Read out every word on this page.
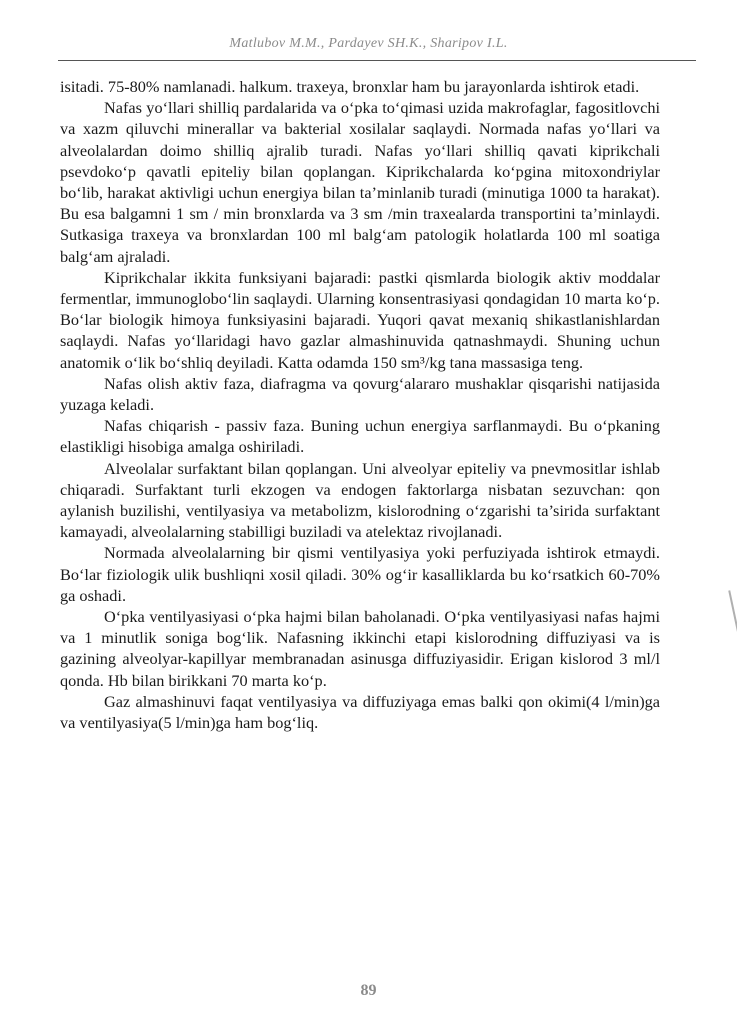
Matlubov M.M., Pardayev SH.K., Sharipov I.L.

isitadi. 75-80% namlanadi. halkum. traxeya, bronxlar ham bu jarayonlarda ishtirok etadi.

Nafas yo‘llari shilliq pardalarida va o‘pka to‘qimasi uzida makrofaglar, fagositlovchi va xazm qiluvchi minerallar va bakterial xosilalar saqlaydi. Normada nafas yo‘llari va alveolalardan doimo shilliq ajralib turadi. Nafas yo‘llari shilliq qavati kiprikchali psevdoko‘p qavatli epiteliy bilan qoplangan. Kiprikchalarda ko‘pgina mitoxondriylar bo‘lib, harakat aktivligi uchun energiya bilan ta’minlanib turadi (minutiga 1000 ta harakat). Bu esa balgamni 1 sm / min bronxlarda va 3 sm /min traxealarda transportini ta’minlaydi. Sutkasiga traxeya va bronxlardan 100 ml balg‘am patologik holatlarda 100 ml soatiga balg‘am ajraladi.

Kiprikchalar ikkita funksiyani bajaradi: pastki qismlarda biologik aktiv moddalar fermentlar, immunoglobo‘lin saqlaydi. Ularning konsentrasiyasi qondagidan 10 marta ko‘p. Bo‘lar biologik himoya funksiyasini bajaradi. Yuqori qavat mexaniq shikastlanishlardan saqlaydi. Nafas yo‘llaridagi havo gazlar almashinuvida qatnashmaydi. Shuning uchun anatomik o‘lik bo‘shliq deyiladi. Katta odamda 150 sm³/kg tana massasiga teng.

Nafas olish aktiv faza, diafragma va qovurg‘alararo mushaklar qisqarishi natijasida yuzaga keladi.

Nafas chiqarish - passiv faza. Buning uchun energiya sarflanmaydi. Bu o‘pkaning elastikligi hisobiga amalga oshiriladi.

Alveolalar surfaktant bilan qoplangan. Uni alveolyar epiteliy va pnevmositlar ishlab chiqaradi. Surfaktant turli ekzogen va endogen faktorlarga nisbatan sezuvchan: qon aylanish buzilishi, ventilyasiya va metabolizm, kislorodning o‘zgarishi ta’sirida surfaktant kamayadi, alveolalarning stabilligi buziladi va atelektaz rivojlanadi.

Normada alveolalarning bir qismi ventilyasiya yoki perfuziyada ishtirok etmaydi. Bo‘lar fiziologik ulik bushliqni xosil qiladi. 30% og‘ir kasalliklarda bu ko‘rsatkich 60-70% ga oshadi.

O‘pka ventilyasiyasi o‘pka hajmi bilan baholanadi. O‘pka ventilyasiyasi nafas hajmi va 1 minutlik soniga bog‘lik. Nafasning ikkinchi etapi kislorodning diffuziyasi va is gazining alveolyar-kapillyar membranadan asinusga diffuziyasidir. Erigan kislorod 3 ml/l qonda. Hb bilan birikkani 70 marta ko‘p.

Gaz almashinuvi faqat ventilyasiya va diffuziyaga emas balki qon okimi(4 l/min)ga va ventilyasiya(5 l/min)ga ham bog‘liq.

89
